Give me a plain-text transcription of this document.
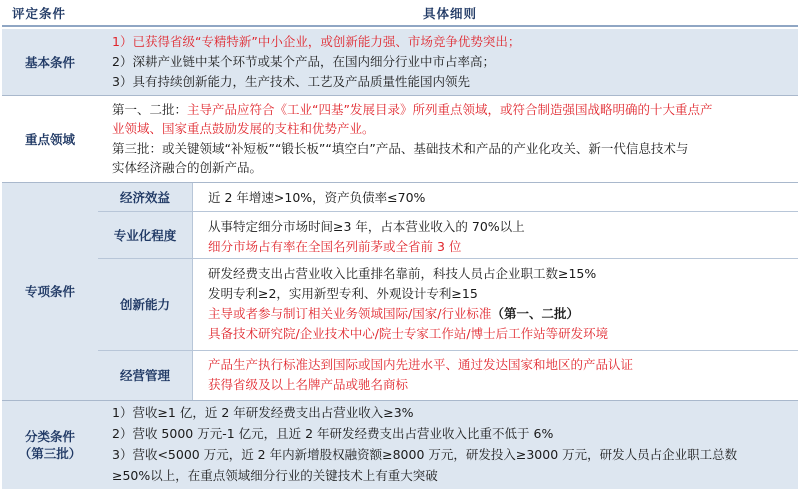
评定条件	具体细则
基本条件
1）已获得省级“专精特新”中小企业，或创新能力强、市场竞争优势突出；
2）深耕产业链中某个环节或某个产品，在国内细分行业中市占率高；
3）具有持续创新能力，生产技术、工艺及产品质量性能国内领先
重点领域
第一、二批：主导产品应符合《工业“四基”发展目录》所列重点领域，或符合制造强国战略明确的十大重点产
业领域、国家重点鼓励发展的支柱和优势产业。
第三批：或关键领域“补短板”“锻长板”“填空白”产品、基础技术和产品的产业化攻关、新一代信息技术与
实体经济融合的创新产品。
专项条件
经济效益	近 2 年增速>10%，资产负债率≤70%
专业化程度
从事特定细分市场时间≥3 年，占本营业收入的 70%以上
细分市场占有率在全国名列前茅或全省前 3 位
创新能力
研发经费支出占营业收入比重排名靠前，科技人员占企业职工数≥15%
发明专利≥2，实用新型专利、外观设计专利≥15
主导或者参与制订相关业务领域国际/国家/行业标准（第一、二批）
具备技术研究院/企业技术中心/院士专家工作站/博士后工作站等研发环境
经营管理
产品生产执行标准达到国际或国内先进水平、通过发达国家和地区的产品认证
获得省级及以上名牌产品或驰名商标
分类条件
（第三批）
1）营收≥1 亿，近 2 年研发经费支出占营业收入≥3%
2）营收 5000 万元-1 亿元，且近 2 年研发经费支出占营业收入比重不低于 6%
3）营收<5000 万元，近 2 年内新增股权融资额≥8000 万元，研发投入≥3000 万元，研发人员占企业职工总数
≥50%以上，在重点领域细分行业的关键技术上有重大突破
